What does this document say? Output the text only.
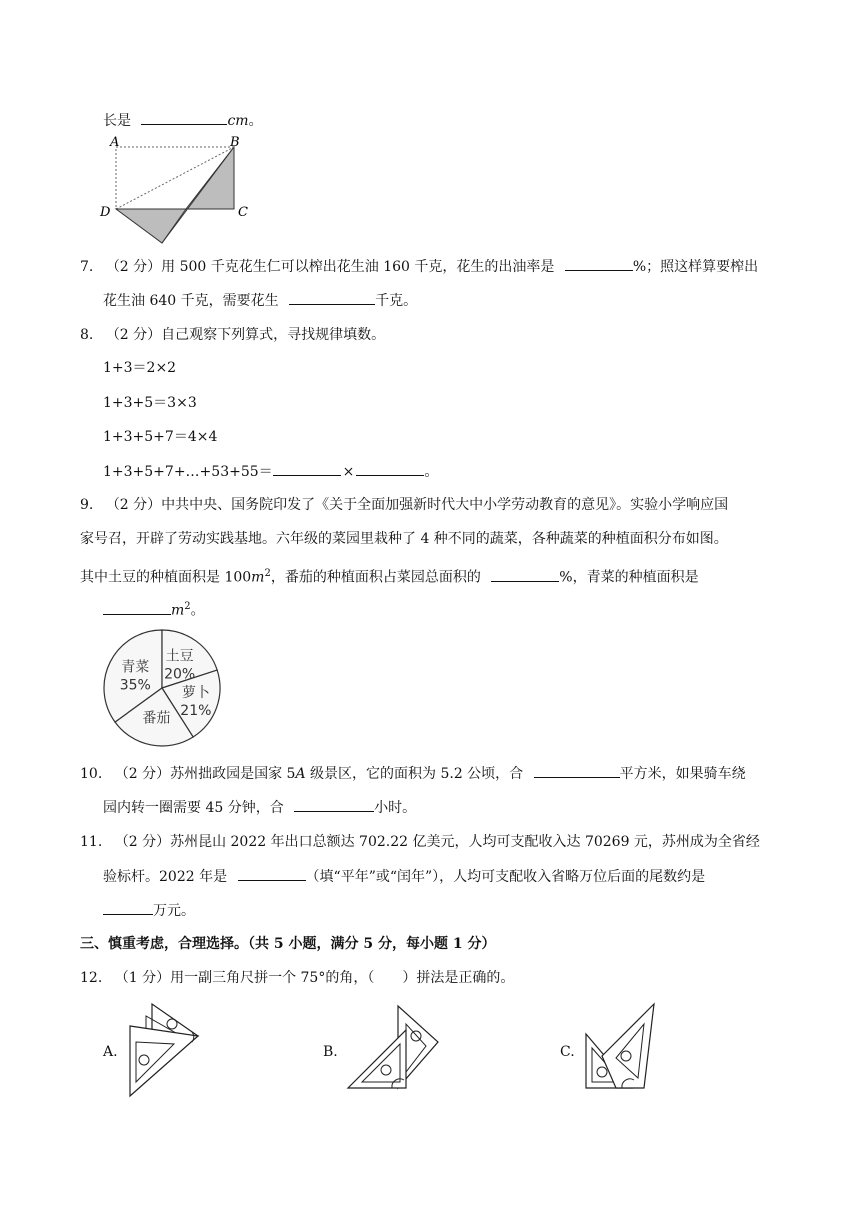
长是	cm。
A	B
C
D
7. （2 分）用 500 千克花生仁可以榨出花生油 160 千克，花生的出油率是	%；照这样算要榨出
花生油 640 千克，需要花生	千克。
8. （2 分）自己观察下列算式，寻找规律填数。
1+3＝2×2
1+3+5＝3×3
1+3+5+7＝4×4
1+3+5+7+…+53+55＝	×	。
9. （2 分）中共中央、国务院印发了《关于全面加强新时代大中小学劳动教育的意见》。实验小学响应国
家号召，开辟了劳动实践基地。六年级的菜园里栽种了 4 种不同的蔬菜，各种蔬菜的种植面积分布如图。
其中土豆的种植面积是 $100m^2$，番茄的种植面积占菜园总面积的	%，青菜的种植面积是
$m^2$。
青菜
35%
土豆
20%
萝卜
21%
番茄
10. （2 分）苏州拙政园是国家 5A 级景区，它的面积为 5.2 公顷，合	平方米，如果骑车绕
园内转一圈需要 45 分钟，合	小时。
11. （2 分）苏州昆山 2022 年出口总额达 702.22 亿美元，人均可支配收入达 70269 元，苏州成为全省经
验标杆。2022 年是	（填“平年”或“闰年”），人均可支配收入省略万位后面的尾数约是
万元。
三、慎重考虑，合理选择。（共 5 小题，满分 5 分，每小题 1 分）
12. （1 分）用一副三角尺拼一个 75°的角，（　　）拼法是正确的。
A.	B.	C.
